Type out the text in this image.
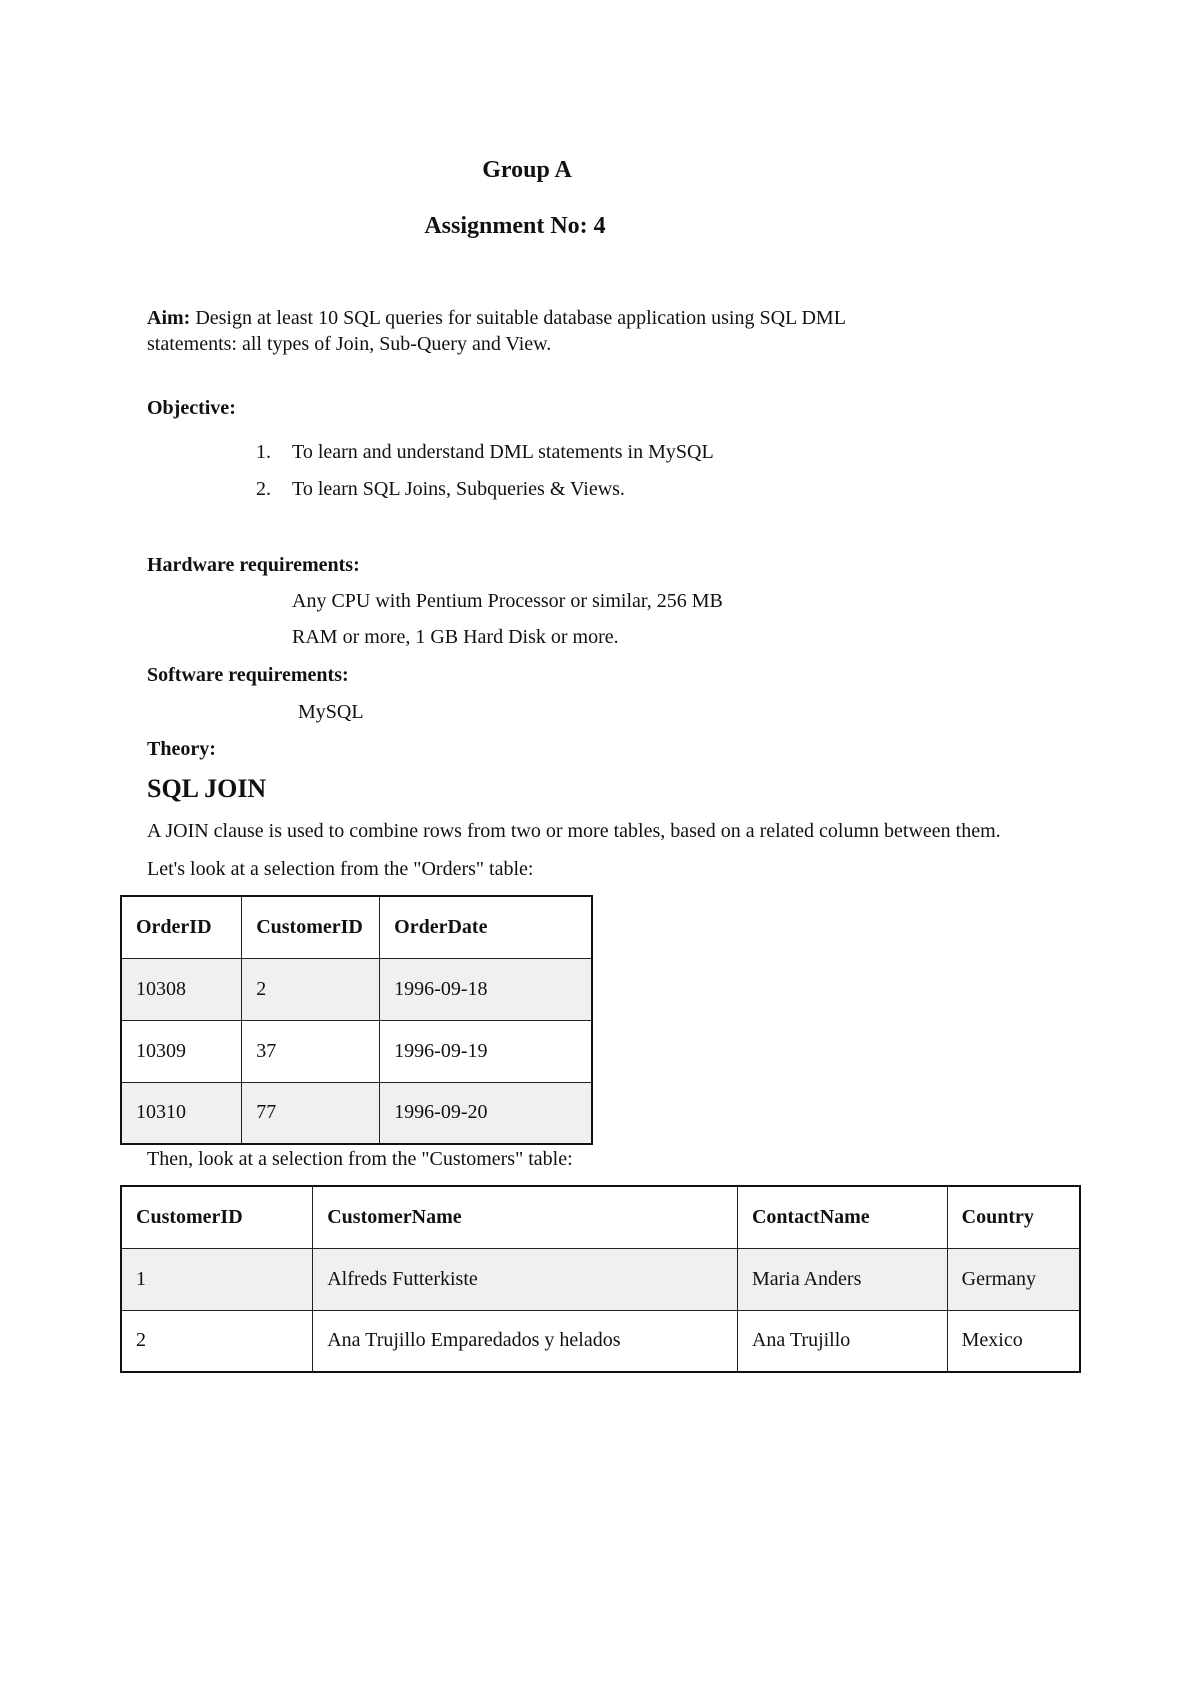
Group A
Assignment No: 4
Aim: Design at least 10 SQL queries for suitable database application using SQL DML
statements: all types of Join, Sub-Query and View.
Objective:
1. To learn and understand DML statements in MySQL
2. To learn SQL Joins, Subqueries & Views.
Hardware requirements:
Any CPU with Pentium Processor or similar, 256 MB
RAM or more, 1 GB Hard Disk or more.
Software requirements:
MySQL
Theory:
SQL JOIN
A JOIN clause is used to combine rows from two or more tables, based on a related column between them.
Let's look at a selection from the "Orders" table:
OrderID	CustomerID	OrderDate
10308	2	1996-09-18
10309	37	1996-09-19
10310	77	1996-09-20
Then, look at a selection from the "Customers" table:
CustomerID	CustomerName	ContactName	Country
1	Alfreds Futterkiste	Maria Anders	Germany
2	Ana Trujillo Emparedados y helados	Ana Trujillo	Mexico
